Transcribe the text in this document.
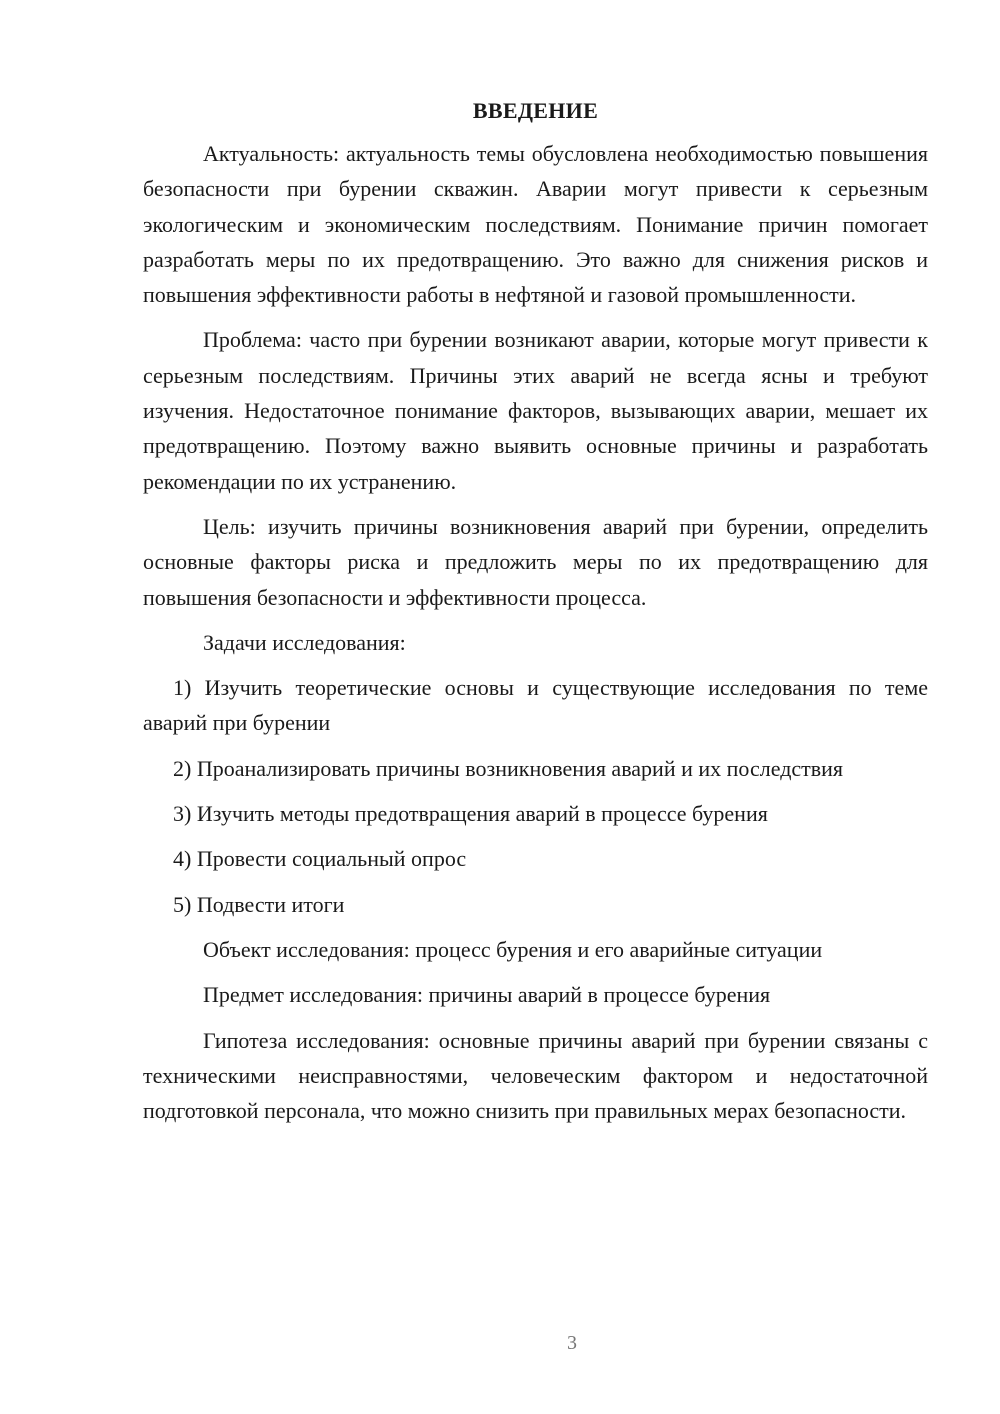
ВВЕДЕНИЕ

Актуальность: актуальность темы обусловлена необходимостью повышения безопасности при бурении скважин. Аварии могут привести к серьезным экологическим и экономическим последствиям. Понимание причин помогает разработать меры по их предотвращению. Это важно для снижения рисков и повышения эффективности работы в нефтяной и газовой промышленности.

Проблема: часто при бурении возникают аварии, которые могут привести к серьезным последствиям. Причины этих аварий не всегда ясны и требуют изучения. Недостаточное понимание факторов, вызывающих аварии, мешает их предотвращению. Поэтому важно выявить основные причины и разработать рекомендации по их устранению.

Цель: изучить причины возникновения аварий при бурении, определить основные факторы риска и предложить меры по их предотвращению для повышения безопасности и эффективности процесса.

Задачи исследования:

1) Изучить теоретические основы и существующие исследования по теме аварий при бурении

2) Проанализировать причины возникновения аварий и их последствия

3) Изучить методы предотвращения аварий в процессе бурения

4) Провести социальный опрос

5) Подвести итоги

Объект исследования: процесс бурения и его аварийные ситуации

Предмет исследования: причины аварий в процессе бурения

Гипотеза исследования: основные причины аварий при бурении связаны с техническими неисправностями, человеческим фактором и недостаточной подготовкой персонала, что можно снизить при правильных мерах безопасности.

3
